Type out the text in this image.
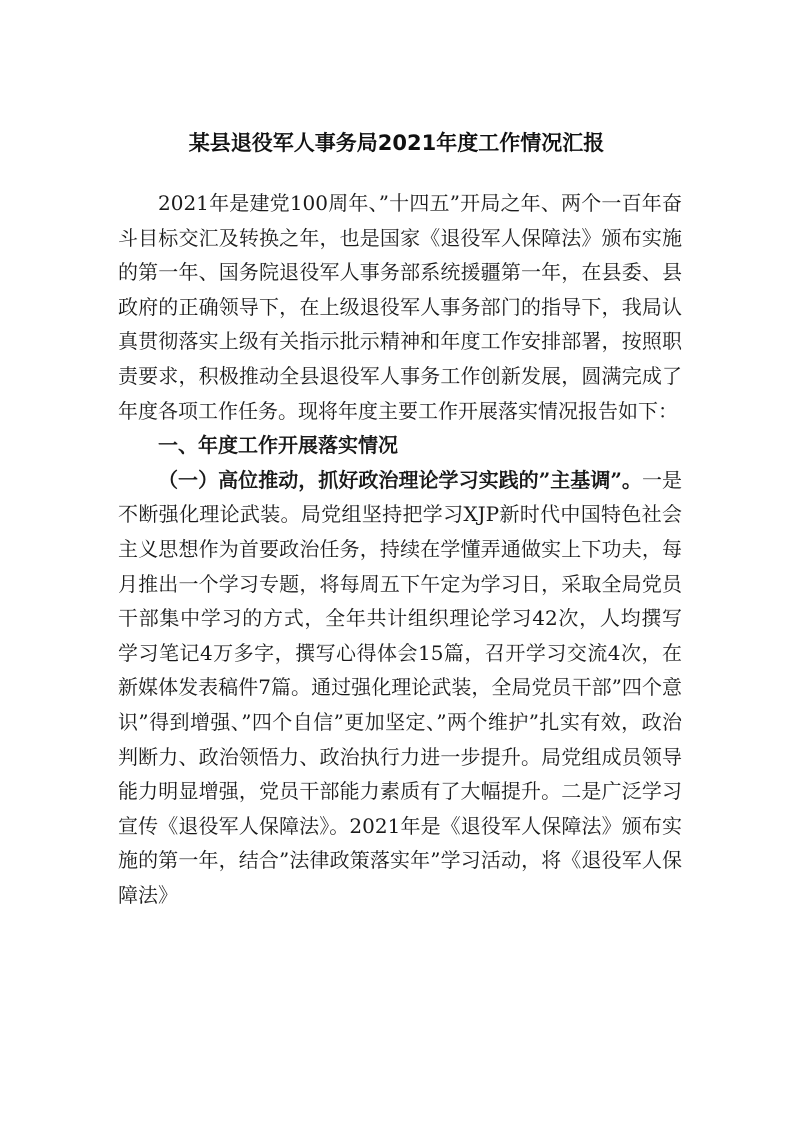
某县退役军人事务局2021年度工作情况汇报

2021年是建党100周年、”十四五”开局之年、两个一百年奋斗目标交汇及转换之年，也是国家《退役军人保障法》颁布实施的第一年、国务院退役军人事务部系统援疆第一年，在县委、县政府的正确领导下，在上级退役军人事务部门的指导下，我局认真贯彻落实上级有关指示批示精神和年度工作安排部署，按照职责要求，积极推动全县退役军人事务工作创新发展，圆满完成了年度各项工作任务。现将年度主要工作开展落实情况报告如下：

一、年度工作开展落实情况

（一）高位推动，抓好政治理论学习实践的”主基调”。一是不断强化理论武装。局党组坚持把学习XJP新时代中国特色社会主义思想作为首要政治任务，持续在学懂弄通做实上下功夫，每月推出一个学习专题，将每周五下午定为学习日，采取全局党员干部集中学习的方式，全年共计组织理论学习42次，人均撰写学习笔记4万多字，撰写心得体会15篇，召开学习交流4次，在新媒体发表稿件7篇。通过强化理论武装，全局党员干部”四个意识”得到增强、”四个自信”更加坚定、”两个维护”扎实有效，政治判断力、政治领悟力、政治执行力进一步提升。局党组成员领导能力明显增强，党员干部能力素质有了大幅提升。二是广泛学习宣传《退役军人保障法》。2021年是《退役军人保障法》颁布实施的第一年，结合”法律政策落实年”学习活动，将《退役军人保障法》
